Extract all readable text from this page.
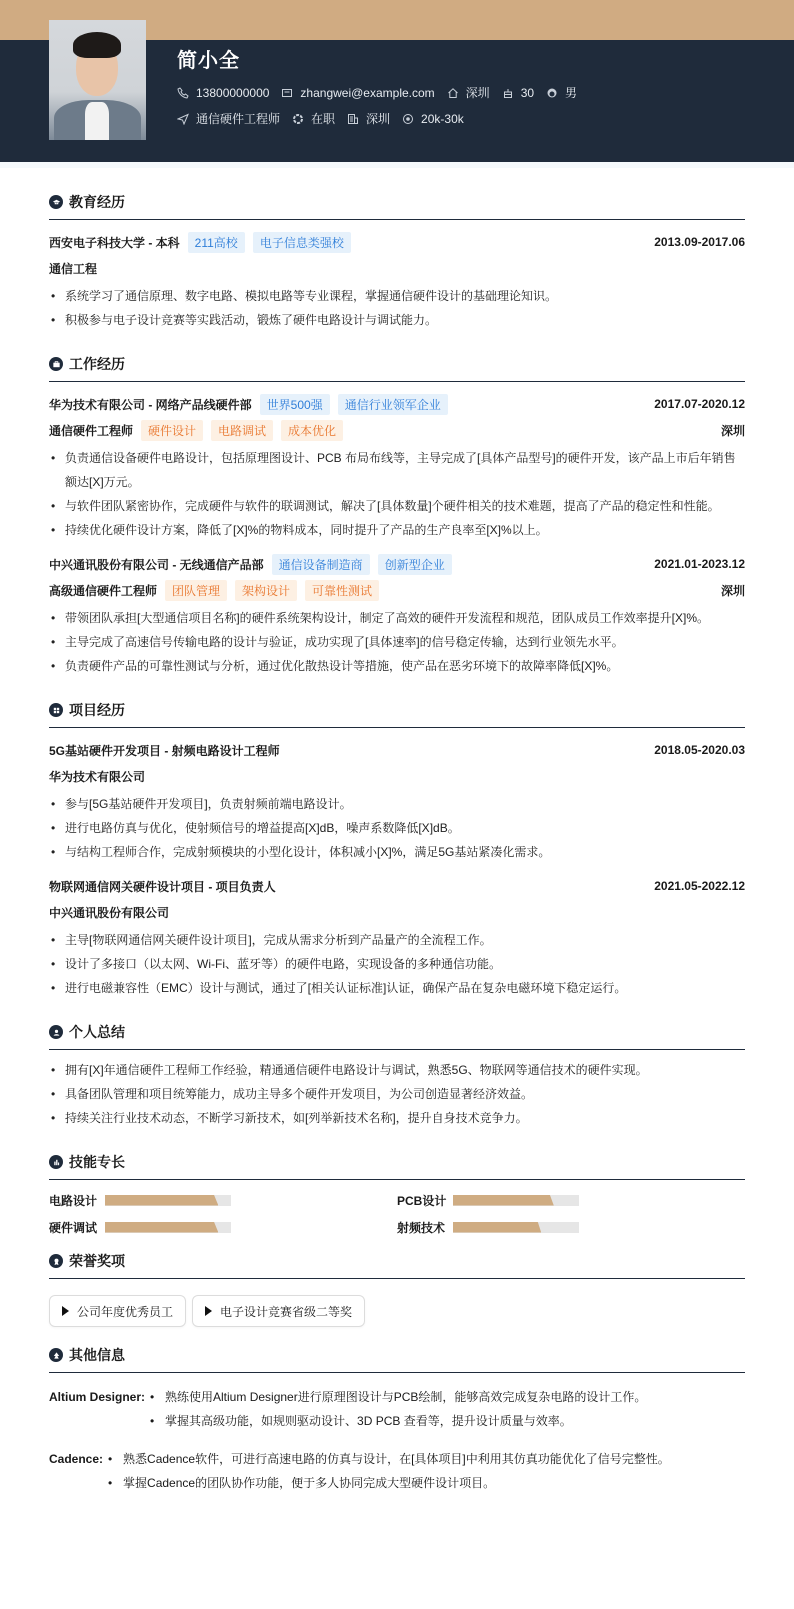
简小全
13800000000	zhangwei@example.com	深圳	30	男
通信硬件工程师	在职	深圳	20k-30k
教育经历
西安电子科技大学 - 本科	211高校	电子信息类强校	2013.09-2017.06
通信工程
• 系统学习了通信原理、数字电路、模拟电路等专业课程，掌握通信硬件设计的基础理论知识。
• 积极参与电子设计竞赛等实践活动，锻炼了硬件电路设计与调试能力。
工作经历
华为技术有限公司 - 网络产品线硬件部	世界500强	通信行业领军企业	2017.07-2020.12
通信硬件工程师	硬件设计	电路调试	成本优化	深圳
• 负责通信设备硬件电路设计，包括原理图设计、PCB 布局布线等，主导完成了[具体产品型号]的硬件开发，该产品上市后年销售额达[X]万元。
• 与软件团队紧密协作，完成硬件与软件的联调测试，解决了[具体数量]个硬件相关的技术难题，提高了产品的稳定性和性能。
• 持续优化硬件设计方案，降低了[X]%的物料成本，同时提升了产品的生产良率至[X]%以上。
中兴通讯股份有限公司 - 无线通信产品部	通信设备制造商	创新型企业	2021.01-2023.12
高级通信硬件工程师	团队管理	架构设计	可靠性测试	深圳
• 带领团队承担[大型通信项目名称]的硬件系统架构设计，制定了高效的硬件开发流程和规范，团队成员工作效率提升[X]%。
• 主导完成了高速信号传输电路的设计与验证，成功实现了[具体速率]的信号稳定传输，达到行业领先水平。
• 负责硬件产品的可靠性测试与分析，通过优化散热设计等措施，使产品在恶劣环境下的故障率降低[X]%。
项目经历
5G基站硬件开发项目 - 射频电路设计工程师	2018.05-2020.03
华为技术有限公司
• 参与[5G基站硬件开发项目]，负责射频前端电路设计。
• 进行电路仿真与优化，使射频信号的增益提高[X]dB，噪声系数降低[X]dB。
• 与结构工程师合作，完成射频模块的小型化设计，体积减小[X]%，满足5G基站紧凑化需求。
物联网通信网关硬件设计项目 - 项目负责人	2021.05-2022.12
中兴通讯股份有限公司
• 主导[物联网通信网关硬件设计项目]，完成从需求分析到产品量产的全流程工作。
• 设计了多接口（以太网、Wi-Fi、蓝牙等）的硬件电路，实现设备的多种通信功能。
• 进行电磁兼容性（EMC）设计与测试，通过了[相关认证标准]认证，确保产品在复杂电磁环境下稳定运行。
个人总结
• 拥有[X]年通信硬件工程师工作经验，精通通信硬件电路设计与调试，熟悉5G、物联网等通信技术的硬件实现。
• 具备团队管理和项目统筹能力，成功主导多个硬件开发项目，为公司创造显著经济效益。
• 持续关注行业技术动态，不断学习新技术，如[列举新技术名称]，提升自身技术竞争力。
技能专长
电路设计	PCB设计
硬件调试	射频技术
荣誉奖项
公司年度优秀员工	电子设计竞赛省级二等奖
其他信息
Altium Designer:	• 熟练使用Altium Designer进行原理图设计与PCB绘制，能够高效完成复杂电路的设计工作。
• 掌握其高级功能，如规则驱动设计、3D PCB 查看等，提升设计质量与效率。
Cadence:	• 熟悉Cadence软件，可进行高速电路的仿真与设计，在[具体项目]中利用其仿真功能优化了信号完整性。
• 掌握Cadence的团队协作功能，便于多人协同完成大型硬件设计项目。
